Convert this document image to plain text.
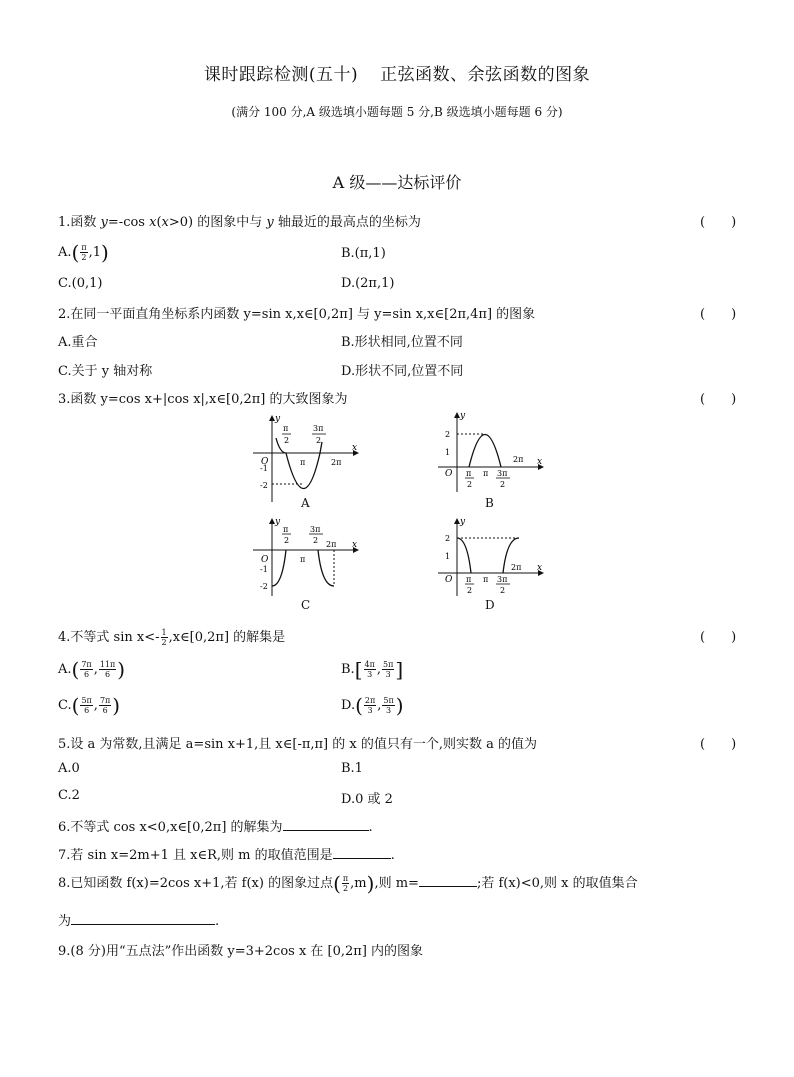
课时跟踪检测(五十) 正弦函数、余弦函数的图象
(满分 100 分,A 级选填小题每题 5 分,B 级选填小题每题 6 分)
A 级——达标评价
1.函数 y=-cos x(x>0) 的图象中与 y 轴最近的最高点的坐标为	(　　)
$A.( \frac{\pi}{2} ,1)$	B.(π,1)
C.(0,1)	D.(2π,1)
2.在同一平面直角坐标系内函数 y=sin x,x∈[0,2π] 与 y=sin x,x∈[2π,4π] 的图象	(　　)
A.重合	B.形状相同,位置不同
C.关于 y 轴对称	D.形状不同,位置不同
3.函数 y=cos x+|cos x|,x∈[0,2π] 的大致图象为	(　　)
y
x
O
-1
-2
π
2
3π
2
π	2π
A
y
x
2
1
O π
2
π 3π
2
2π
B
y
x
O
-1
-2
π
2
3π
2
π
2π
C
y
x
2
1
O π
2
π 3π
2
2π
D
4.不等式 $\sin x<- \frac{1}{2}$ ,x∈[0,2π] 的解集是	(　　)
$A.( \frac{7\pi}{6}$ , $\frac{11\pi}{6}$ )	$B.[ \frac{4\pi}{3}$ , $\frac{5\pi}{3}$ ]
$C.( \frac{5\pi}{6}$ , $\frac{7\pi}{6}$ )	$D.( \frac{2\pi}{3}$ , $\frac{5\pi}{3}$ )
5.设 a 为常数,且满足 a=sin x+1,且 x∈[-π,π] 的 x 的值只有一个,则实数 a 的值为	(　　)
A.0	B.1
C.2	D.0 或 2
6.不等式 cos x<0,x∈[0,2π] 的解集为	.
7.若 sin x=2m+1 且 x∈R,则 m 的取值范围是	.
8.已知函数 f(x)=2cos x+1,若 f(x) 的图象过点( $\frac{\pi}{2} ,m$),则 m=	;若 f(x)<0,则 x 的取值集合
为	.
9.(8 分)用“五点法”作出函数 y=3+2cos x 在 [0,2π] 内的图象
